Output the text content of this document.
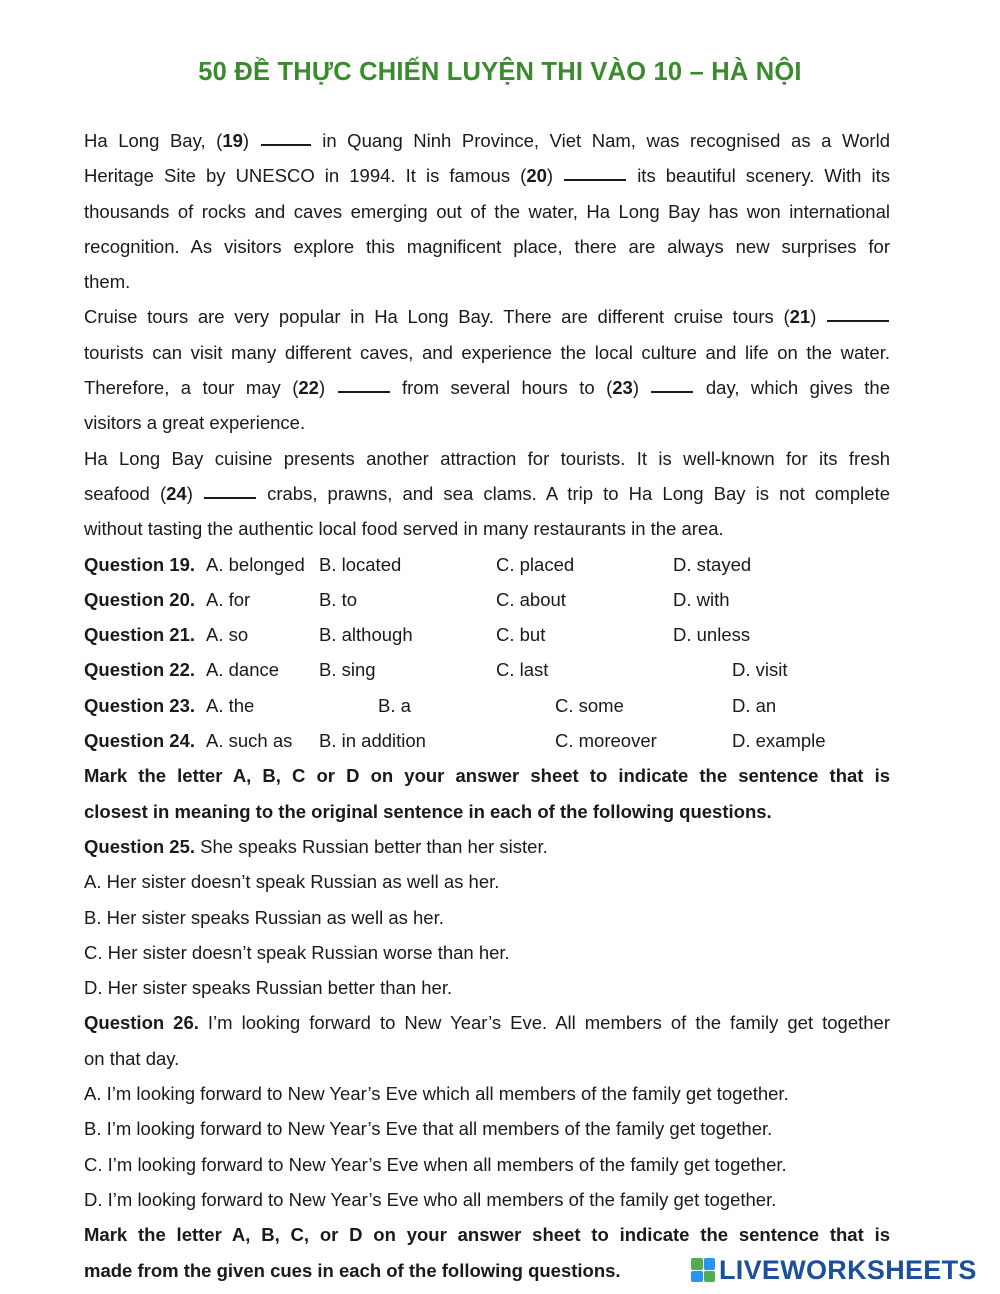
50 ĐỀ THỰC CHIẾN LUYỆN THI VÀO 10 – HÀ NỘI
Ha Long Bay, (19)	in Quang Ninh Province, Viet Nam, was recognised as a World
Heritage Site by UNESCO in 1994. It is famous (20)	its beautiful scenery. With its
thousands of rocks and caves emerging out of the water, Ha Long Bay has won international
recognition. As visitors explore this magnificent place, there are always new surprises for
them.
Cruise tours are very popular in Ha Long Bay. There are different cruise tours (21)
tourists can visit many different caves, and experience the local culture and life on the water.
Therefore, a tour may (22)	from several hours to (23)  day, which gives the
visitors a great experience.
Ha Long Bay cuisine presents another attraction for tourists. It is well-known for its fresh
seafood (24)	crabs, prawns, and sea clams. A trip to Ha Long Bay is not complete
without tasting the authentic local food served in many restaurants in the area.
Question 19. A. belonged B. located	C. placed	D. stayed
Question 20. A. for	B. to	C. about	D. with
Question 21. A. so	B. although	C. but	D. unless
Question 22. A. dance B. sing	C. last	D. visit
Question 23. A. the	B. a	C. some	D. an
Question 24. A. such as B. in addition	C. moreover	D. example
Mark the letter A, B, C or D on your answer sheet to indicate the sentence that is
closest in meaning to the original sentence in each of the following questions.
Question 25. She speaks Russian better than her sister.
A. Her sister doesn’t speak Russian as well as her.
B. Her sister speaks Russian as well as her.
C. Her sister doesn’t speak Russian worse than her.
D. Her sister speaks Russian better than her.
Question 26. I’m looking forward to New Year’s Eve. All members of the family get together
on that day.
A. I’m looking forward to New Year’s Eve which all members of the family get together.
B. I’m looking forward to New Year’s Eve that all members of the family get together.
C. I’m looking forward to New Year’s Eve when all members of the family get together.
D. I’m looking forward to New Year’s Eve who all members of the family get together.
Mark the letter A, B, C, or D on your answer sheet to indicate the sentence that is
made from the given cues in each of the following questions.	LIVEWORKSHEETS
